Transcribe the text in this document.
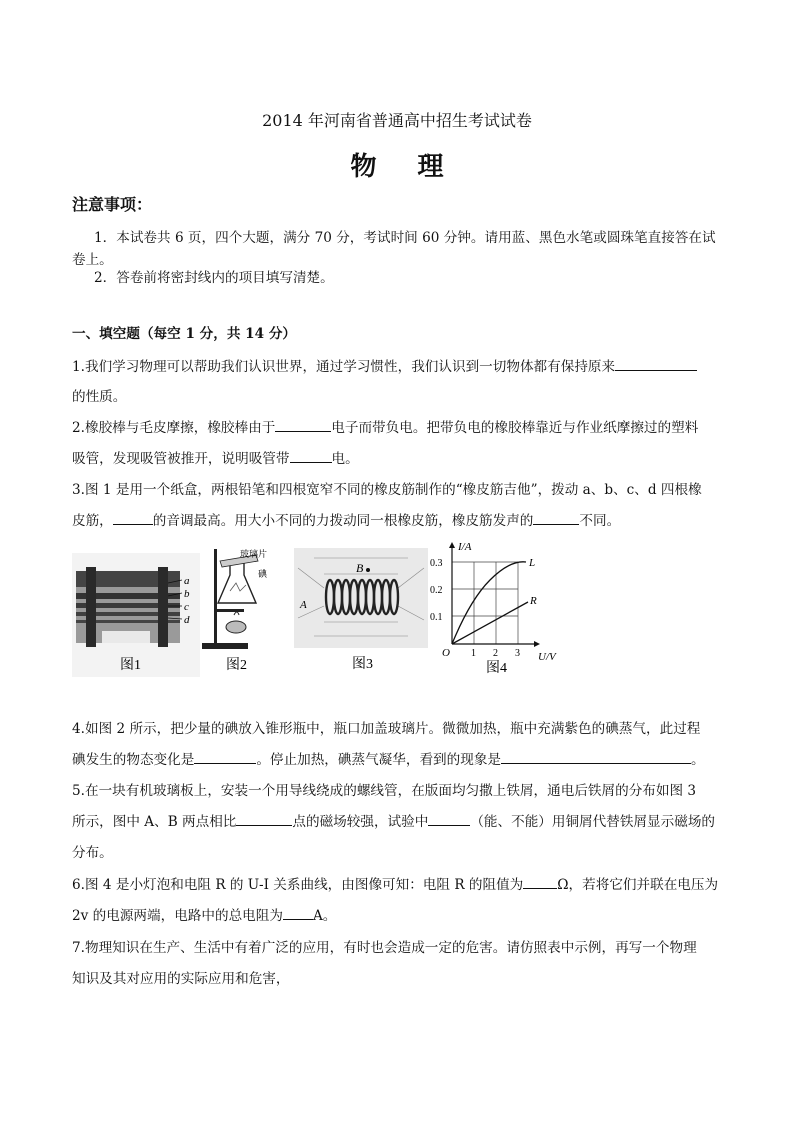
2014 年河南省普通高中招生考试试卷
物 理
注意事项：
1．本试卷共 6 页，四个大题，满分 70 分，考试时间 60 分钟。请用蓝、黑色水笔或圆珠笔直接答在试
卷上。
2．答卷前将密封线内的项目填写清楚。
一、填空题（每空 1 分，共 14 分）
1.我们学习物理可以帮助我们认识世界，通过学习惯性，我们认识到一切物体都有保持原来
的性质。
2.橡胶棒与毛皮摩擦，橡胶棒由于	电子而带负电。把带负电的橡胶棒靠近与作业纸摩擦过的塑料
吸管，发现吸管被推开，说明吸管带	电。
3.图 1 是用一个纸盒，两根铅笔和四根宽窄不同的橡皮筋制作的“橡皮筋吉他”，拨动 a、b、c、d 四根橡
皮筋，	的音调最高。用大小不同的力拨动同一根橡皮筋，橡皮筋发声的	不同。
a
b
c
d
图1
玻璃片
碘
图2
B
A
图3
I/A
U/V
O
0.3
0.2
0.1
1 2 3
L
R
图4
4.如图 2 所示，把少量的碘放入锥形瓶中，瓶口加盖玻璃片。微微加热，瓶中充满紫色的碘蒸气，此过程
碘发生的物态变化是	。停止加热，碘蒸气凝华，看到的现象是	。
5.在一块有机玻璃板上，安装一个用导线绕成的螺线管，在版面均匀撒上铁屑，通电后铁屑的分布如图 3
所示，图中 A、B 两点相比	点的磁场较强，试验中	（能、不能）用铜屑代替铁屑显示磁场的
分布。
6.图 4 是小灯泡和电阻 R 的 U-I 关系曲线，由图像可知：电阻 R 的阻值为	Ω，若将它们并联在电压为
2v 的电源两端，电路中的总电阻为 A。
7.物理知识在生产、生活中有着广泛的应用，有时也会造成一定的危害。请仿照表中示例，再写一个物理
知识及其对应用的实际应用和危害，
